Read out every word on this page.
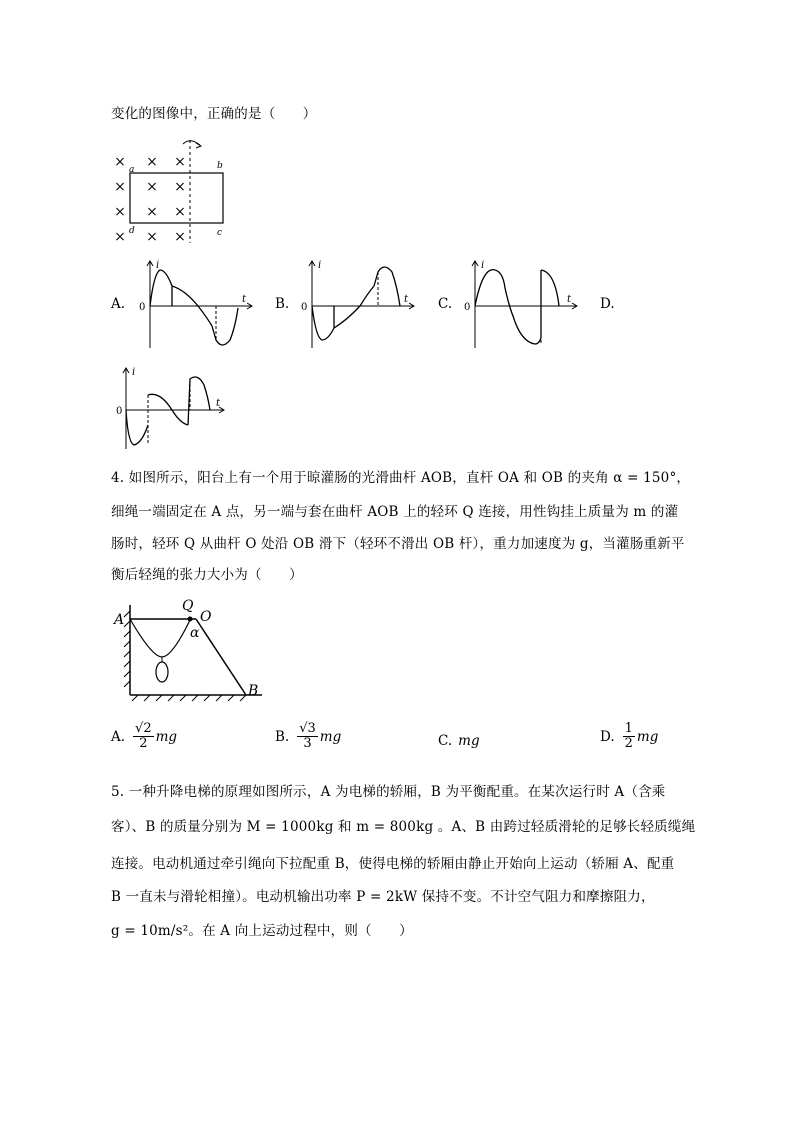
变化的图像中，正确的是（　　）
× × ×
× × ×
× × ×
× × ×
a	b
c
d
A. 0
i
t B. 0
i
t C. 0
i
t D.
0
i
t
4. 如图所示，阳台上有一个用于晾灌肠的光滑曲杆 AOB，直杆 OA 和 OB 的夹角 α = 150°，
细绳一端固定在 A 点，另一端与套在曲杆 AOB 上的轻环 Q 连接，用性钩挂上质量为 m 的灌
肠时，轻环 Q 从曲杆 O 处沿 OB 滑下（轻环不滑出 OB 杆），重力加速度为 g，当灌肠重新平
衡后轻绳的张力大小为（　　）
A
Q
O
α
B
A. $\frac{√2}{2}$ mg	B. $\frac{√3}{3}$ mg	C. mg	D. $\frac{1}{2}$ mg
5. 一种升降电梯的原理如图所示，A 为电梯的轿厢，B 为平衡配重。在某次运行时 A（含乘
客）、B 的质量分别为 M = 1000kg 和 m = 800kg 。A、B 由跨过轻质滑轮的足够长轻质缆绳
连接。电动机通过牵引绳向下拉配重 B，使得电梯的轿厢由静止开始向上运动（轿厢 A、配重
B 一直未与滑轮相撞）。电动机输出功率 P = 2kW 保持不变。不计空气阻力和摩擦阻力，
g = 10m/s²。在 A 向上运动过程中，则（　　）
